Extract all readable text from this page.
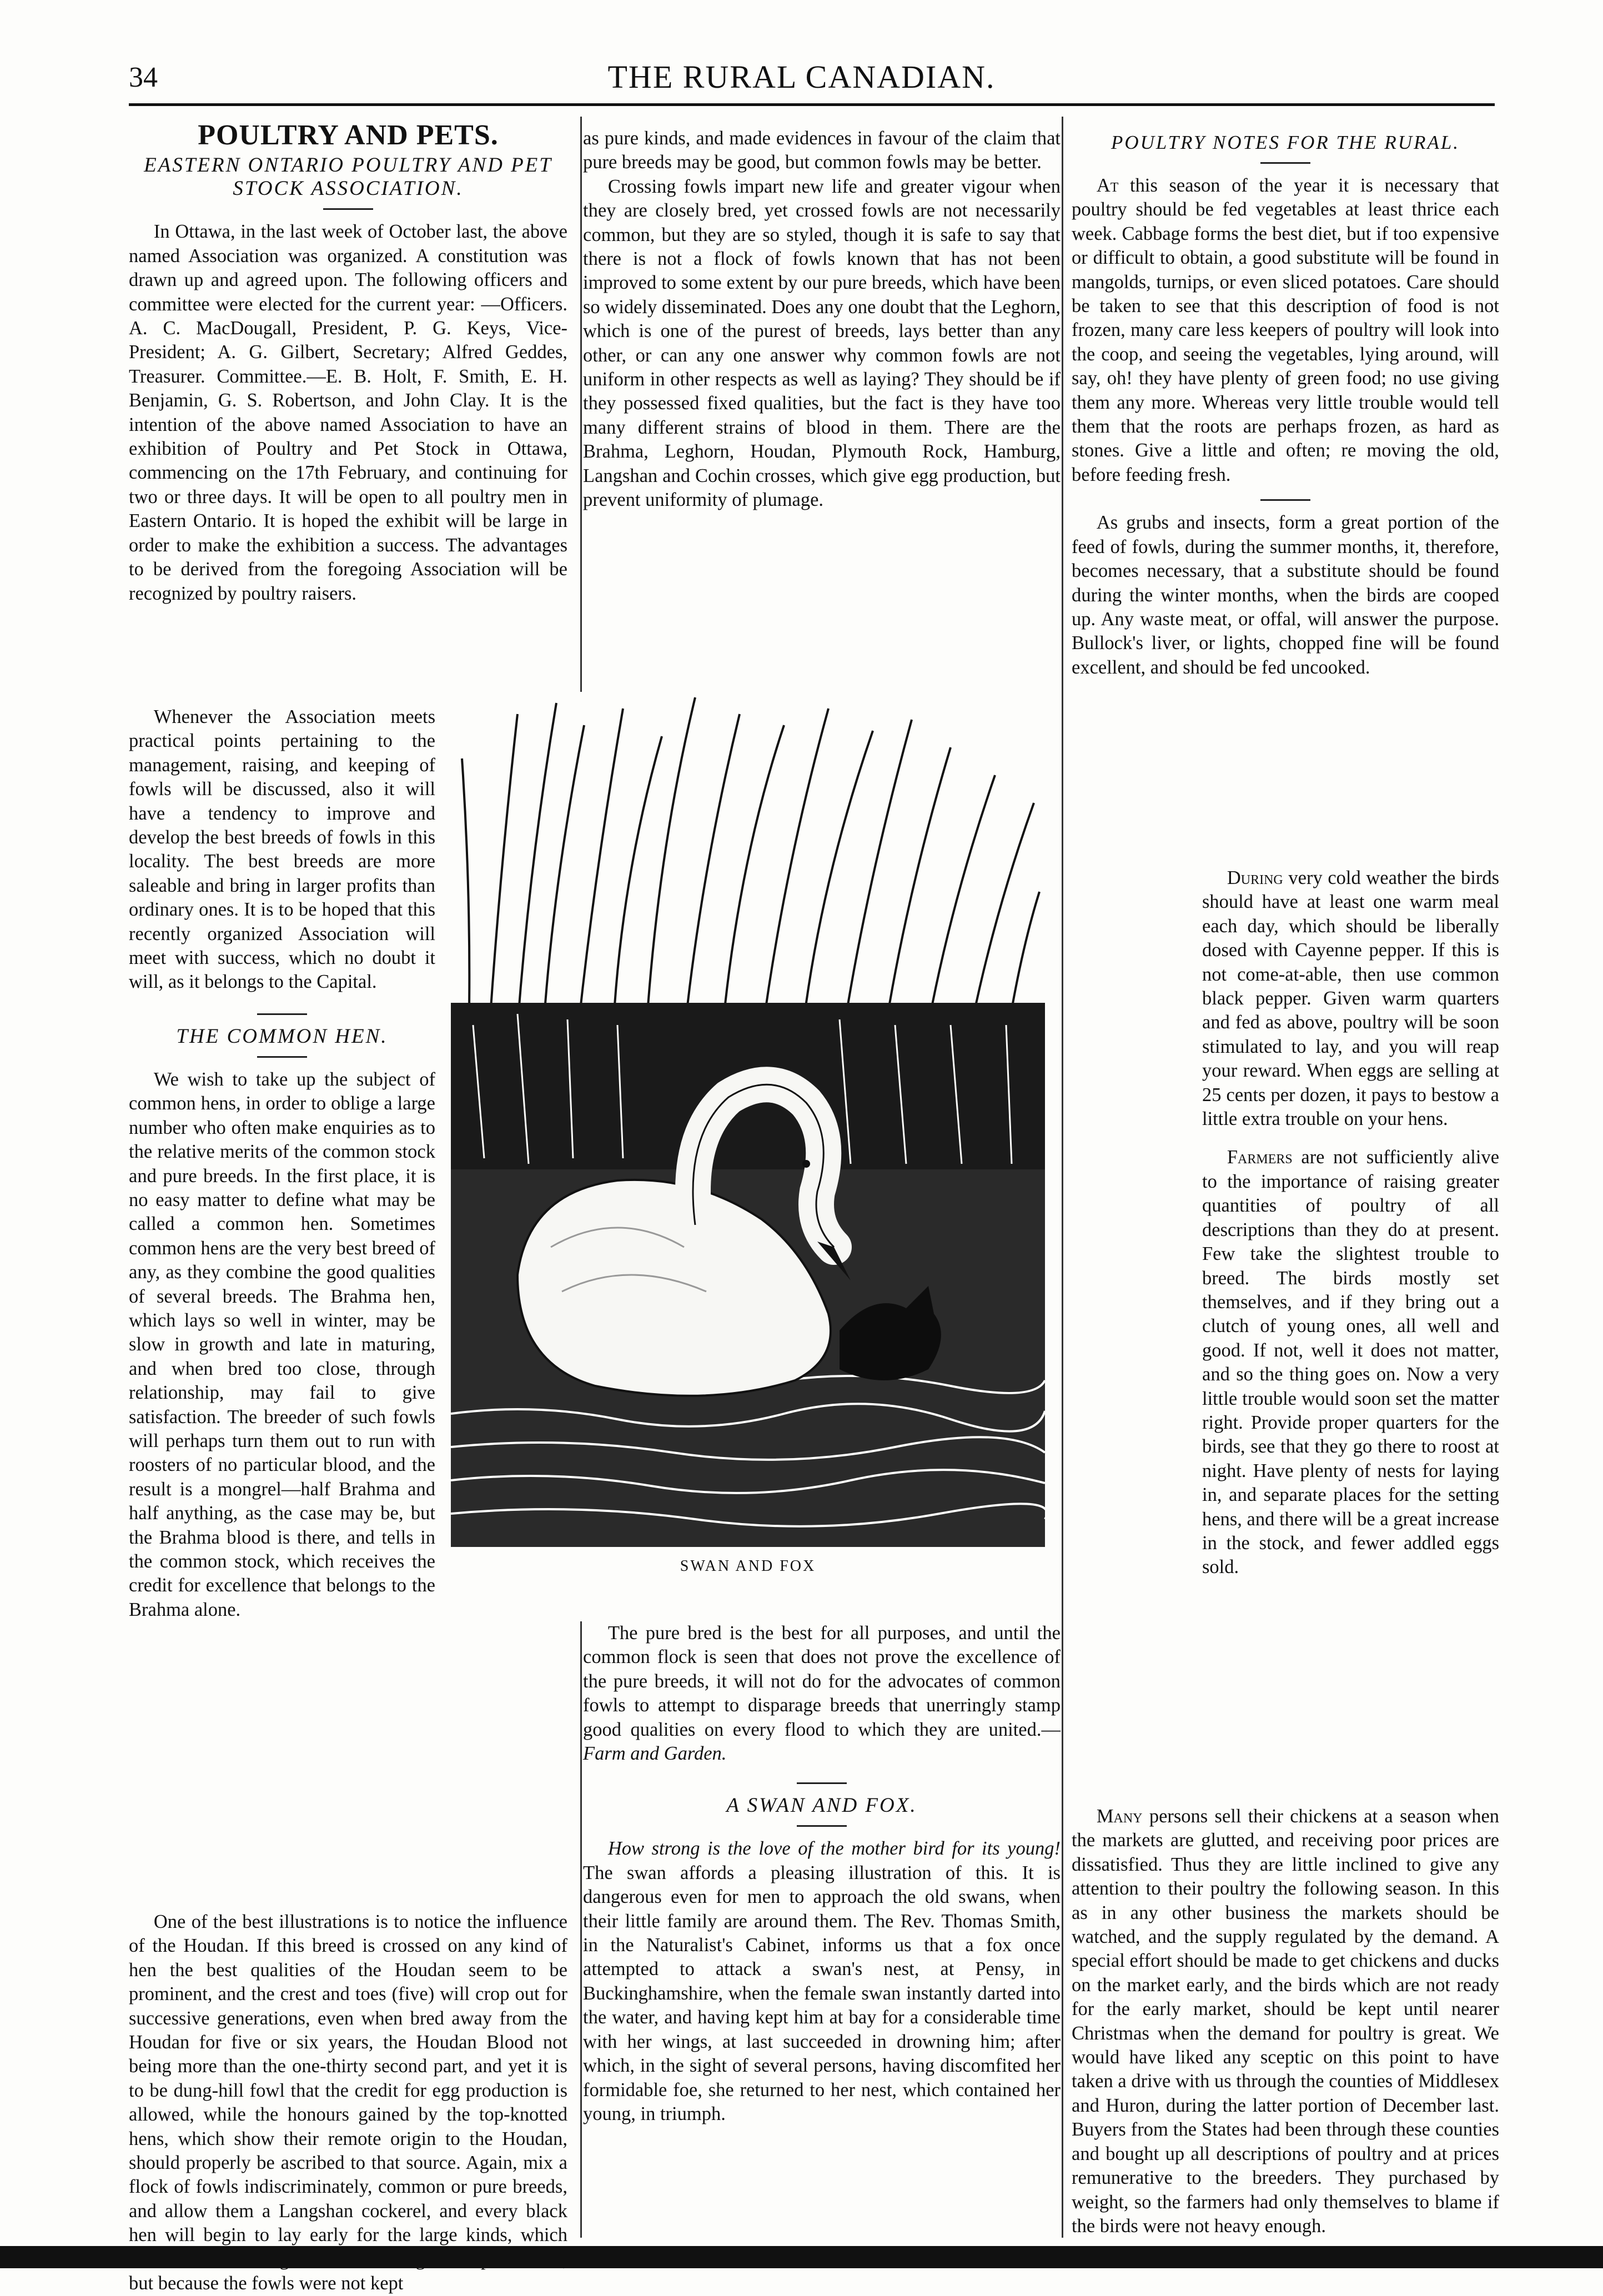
34	THE RURAL CANADIAN.
POULTRY AND PETS.
EASTERN ONTARIO POULTRY AND PET STOCK ASSOCIATION.

In Ottawa, in the last week of October last, the above named Association was organized. A constitution was drawn up and agreed upon. The following officers and committee were elected for the current year: —Officers. A. C. MacDougall, President, P. G. Keys, Vice-President; A. G. Gilbert, Secretary; Alfred Geddes, Treasurer. Committee.—E. B. Holt, F. Smith, E. H. Benjamin, G. S. Robertson, and John Clay. It is the intention of the above named Association to have an exhibition of Poultry and Pet Stock in Ottawa, commencing on the 17th February, and continuing for two or three days. It will be open to all poultry men in Eastern Ontario. It is hoped the exhibit will be large in order to make the exhibition a success. The advantages to be derived from the foregoing Association will be recognized by poultry raisers.

Whenever the Association meets practical points pertaining to the management, raising, and keeping of fowls will be discussed, also it will have a tendency to improve and develop the best breeds of fowls in this locality. The best breeds are more saleable and bring in larger profits than ordinary ones. It is to be hoped that this recently organized Association will meet with success, which no doubt it will, as it belongs to the Capital.

THE COMMON HEN.

We wish to take up the subject of common hens, in order to oblige a large number who often make enquiries as to the relative merits of the common stock and pure breeds. In the first place, it is no easy matter to define what may be called a common hen. Sometimes common hens are the very best breed of any, as they combine the good qualities of several breeds. The Brahma hen, which lays so well in winter, may be slow in growth and late in maturing, and when bred too close, through relationship, may fail to give satisfaction. The breeder of such fowls will perhaps turn them out to run with roosters of no particular blood, and the result is a mongrel—half Brahma and half anything, as the case may be, but the Brahma blood is there, and tells in the common stock, which receives the credit for excellence that belongs to the Brahma alone.

One of the best illustrations is to notice the influence of the Houdan. If this breed is crossed on any kind of hen the best qualities of the Houdan seem to be prominent, and the crest and toes (five) will crop out for successive generations, even when bred away from the Houdan for five or six years, the Houdan Blood not being more than the one-thirty second part, and yet it is to be dung-hill fowl that the credit for egg production is allowed, while the honours gained by the top-knotted hens, which show their remote origin to the Houdan, should properly be ascribed to that source. Again, mix a flock of fowls indiscriminately, common or pure breeds, and allow them a Langshan cockerel, and every black hen will begin to lay early for the large kinds, which but because the fowls were not kept

as pure kinds, and made evidences in favour of the claim that pure breeds may be good, but common fowls may be better.

Crossing fowls impart new life and greater vigour when they are closely bred, yet crossed fowls are not necessarily common, but they are so styled, though it is safe to say that there is not a flock of fowls known that has not been improved to some extent by our pure breeds, which have been so widely disseminated. Does any one doubt that the Leghorn, which is one of the purest of breeds, lays better than any other, or can any one answer why common fowls are not uniform in other respects as well as laying? They should be if they possessed fixed qualities, but the fact is they have too many different strains of blood in them. There are the Brahma, Leghorn, Houdan, Plymouth Rock, Hamburg, Langshan and Cochin crosses, which give egg production, but prevent uniformity of plumage.

SWAN AND FOX

The pure bred is the best for all purposes, and until the common flock is seen that does not prove the excellence of the pure breeds, it will not do for the advocates of common fowls to attempt to disparage breeds that unerringly stamp good qualities on every flood to which they are united.—Farm and Garden.

A SWAN AND FOX.

How strong is the love of the mother bird for its young! The swan affords a pleasing illustration of this. It is dangerous even for men to approach the old swans, when their little family are around them. The Rev. Thomas Smith, in the Naturalist's Cabinet, informs us that a fox once attempted to attack a swan's nest, at Pensy, in Buckinghamshire, when the female swan instantly darted into the water, and having kept him at bay for a considerable time with her wings, at last succeeded in drowning him; after which, in the sight of several persons, having discomfited her formidable foe, she returned to her nest, which contained her young, in triumph.

POULTRY NOTES FOR THE RURAL.

At this season of the year it is necessary that poultry should be fed vegetables at least thrice each week. Cabbage forms the best diet, but if too expensive or difficult to obtain, a good substitute will be found in mangolds, turnips, or even sliced potatoes. Care should be taken to see that this description of food is not frozen, many care less keepers of poultry will look into the coop, and seeing the vegetables, lying around, will say, oh! they have plenty of green food; no use giving them any more. Whereas very little trouble would tell them that the roots are perhaps frozen, as hard as stones. Give a little and often; re moving the old, before feeding fresh.

As grubs and insects, form a great portion of the feed of fowls, during the summer months, it, therefore, becomes necessary, that a substitute should be found during the winter months, when the birds are cooped up. Any waste meat, or offal, will answer the purpose. Bullock's liver, or lights, chopped fine will be found excellent, and should be fed uncooked.

During very cold weather the birds should have at least one warm meal each day, which should be liberally dosed with Cayenne pepper. If this is not come-at-able, then use common black pepper. Given warm quarters and fed as above, poultry will be soon stimulated to lay, and you will reap your reward. When eggs are selling at 25 cents per dozen, it pays to bestow a little extra trouble on your hens.

Farmers are not sufficiently alive to the importance of raising greater quantities of poultry of all descriptions than they do at present. Few take the slightest trouble to breed. The birds mostly set themselves, and if they bring out a clutch of young ones, all well and good. If not, well it does not matter, and so the thing goes on. Now a very little trouble would soon set the matter right. Provide proper quarters for the birds, see that they go there to roost at night. Have plenty of nests for laying in, and separate places for the setting hens, and there will be a great increase in the stock, and fewer addled eggs sold.

Many persons sell their chickens at a season when the markets are glutted, and receiving poor prices are dissatisfied. Thus they are little inclined to give any attention to their poultry the following season. In this as in any other business the markets should be watched, and the supply regulated by the demand. A special effort should be made to get chickens and ducks on the market early, and the birds which are not ready for the early market, should be kept until nearer Christmas when the demand for poultry is great. We would have liked any sceptic on this point to have taken a drive with us through the counties of Middlesex and Huron, during the latter portion of December last. Buyers from the States had been through these counties and bought up all descriptions of poultry and at prices remunerative to the breeders. They purchased by weight, so the farmers had only themselves to blame if the birds were not heavy enough.
